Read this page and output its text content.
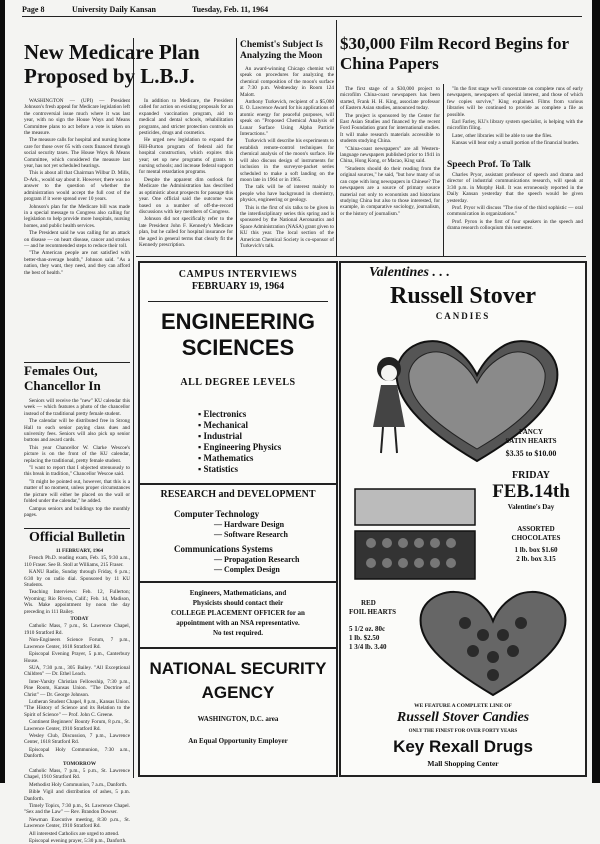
Page 8	University Daily Kansan	Tuesday, Feb. 11, 1964
New Medicare Plan Proposed by L.B.J.

WASHINGTON — (UPI) — President Johnson's fresh appeal for Medicare legislation left the controversial issue much where it was last year, with no sign the House Ways and Means Committee plans to act before a vote is taken on the measure.

The measure calls for hospital and nursing home care for those over 65 with costs financed through social security taxes. The House Ways & Means Committee, which considered the measure last year, has not yet scheduled hearings.

This is about all that Chairman Wilbur D. Mills, D-Ark., would say about it. However, there was no answer to the question of whether the administration would accept the full cost of the program if it were spread over 10 years.

Johnson's plan for the Medicare bill was made in a special message to Congress also calling for legislation to help provide more hospitals, nursing homes, and public health services.

The President said he was calling for an attack on disease — on heart disease, cancer and strokes — and he recommended steps to reduce their toll.

"The American people are not satisfied with better-than-average health," Johnson said. "As a nation, they want, they need, and they can afford the best of health."

In addition to Medicare, the President called for action on existing proposals for an expanded vaccination program, aid to medical and dental schools, rehabilitation programs, and stricter protection controls on pesticides, drugs and cosmetics.

He urged new legislation to expand the Hill-Burton program of federal aid for hospital construction, which expires this year; set up new programs of grants to nursing schools; and increase federal support for mental retardation programs.

Despite the apparent dim outlook for Medicare the Administration has described as optimistic about prospects for passage this year. One official said the outcome was based on a number of off-the-record discussions with key members of Congress.

Johnson did not specifically refer to the late President John F. Kennedy's Medicare plan, but he called for hospital insurance for the aged in general terms that clearly fit the Kennedy prescription.

Females Out, Chancellor In

Seniors will receive the "new" KU calendar this week — which features a photo of the chancellor instead of the traditional pretty female student.

The calendar will be distributed free in Strong Hall to each senior paying class dues and university fees. Seniors will also pick up senior buttons and award cards.

This year Chancellor W. Clarke Wescoe's picture is on the front of the KU calendar, replacing the traditional, pretty female student.

"I want to report that I objected strenuously to this break in tradition," Chancellor Wescoe said.

"It might be pointed out, however, that this is a matter of no moment, unless proper circumstances the picture will either be placed on the wall or folded under the calendar," he added.

Campus seniors and buildings top the monthly pages.

Official Bulletin

11 FEBRUARY, 1964

French Ph.D. reading exam, Feb. 15, 9:30 a.m., 110 Fraser. See B. Stoll at Williams, 215 Fraser.

KANU Radio, Sunday through Friday, 6 p.m.; 6:30 by on radio dial. Sponsored by 11 KU Students.

Teaching Interviews: Feb. 12, Fullerton; Wyoming; Rio Rivera, Calif.; Feb. 14, Madison, Wis. Make appointment by noon the day preceding in 111 Bailey.

TODAY

Catholic Mass, 7 p.m., St. Lawrence Chapel, 1910 Stratford Rd.

Non-Engineers Science Forum, 7 p.m., Lawrence Center, 1618 Stratford Rd.

Episcopal Evening Prayer, 5 p.m., Canterbury House.

SUA, 7:30 p.m., 305 Bailey. "All Exceptional Children" — Dr. Ethel Leach.

Inter-Varsity Christian Fellowship, 7:30 p.m., Pine Room, Kansas Union. "The Doctrine of Christ" — Dr. George Johnson.

Lutheran Student Chapel, 8 p.m., Kansas Union. "The History of Science and its Relation to the Spirit of Science" — Prof. John C. Greene.

Continent Beginners' Bounty Forum, 8 p.m., St. Lawrence Center, 1910 Stratford Rd.

Wesley Club, Discussion, 7 p.m., Lawrence Center, 1618 Stratford Rd.

Episcopal Holy Communion, 7:30 a.m., Danforth.

TOMORROW

Catholic Mass, 7 p.m., 5 p.m., St. Lawrence Chapel, 1910 Stratford Rd.

Methodist Holy Communion, 7 a.m., Danforth.

Bible Vigil and distribution of ashes, 5 p.m. Danforth.

Timely Topics, 7:30 p.m., St. Lawrence Chapel. "Sex and the Law" — Rev. Brandon Dowser.

Newman Executive meeting, 8:30 p.m., St. Lawrence Center, 1910 Stratford Rd.

All interested Catholics are urged to attend.

Episcopal evening prayer, 5:30 p.m., Danforth.

Chemist's Subject Is Analyzing the Moon

An award-winning Chicago chemist will speak on procedures for analyzing the chemical composition of the moon's surface at 7:30 p.m. Wednesday in Room 124 Malott.

Anthony Turkevich, recipient of a $5,000 E. O. Lawrence Award for his applications of atomic energy for peaceful purposes, will speak on "Proposed Chemical Analysis of Lunar Surface Using Alpha Particle Interactions."

Turkevich will describe his experiments to establish remote-control techniques for chemical analysis of the moon's surface. He will also discuss design of instruments for inclusion in the surveyor-packet series scheduled to make a soft landing on the moon late in 1964 or in 1965.

The talk will be of interest mainly to people who have background in chemistry, physics, engineering or geology.

This is the first of six talks to be given in the interdisciplinary series this spring and is sponsored by the National Aeronautics and Space Administration (NASA) grant given to KU this year. The local section of the American Chemical Society is co-sponsor of Turkevich's talk.

$30,000 Film Record Begins for China Papers

The first stage of a $30,000 project to microfilm China-coast newspapers has been started, Frank H. H. King, associate professor of Eastern Asian studies, announced today.

The project is sponsored by the Center for East Asian Studies and financed by the recent Ford Foundation grant for international studies. It will make research materials accessible to students studying China.

"China-coast newspapers" are all Western-language newspapers published prior to 1941 in China, Hong Kong, or Macao, King said.

"Students should do their reading from the original sources," he said, "but how many of us can cope with long newspapers in Chinese? The newspapers are a source of primary source material not only to economists and historians studying China but also to those interested, for example, in comparative sociology, journalism, or the history of journalism."

"In the first stage we'll concentrate on complete runs of early newspapers, newspapers of special interest, and those of which few copies survive," King explained. Films from various libraries will be continued to provide as complete a file as possible.

Earl Farley, KU's library system specialist, is helping with the microfilm filing.

Later, other libraries will be able to use the files.

Kansas will bear only a small portion of the financial burden.

Speech Prof. To Talk

Charles Pryor, assistant professor of speech and drama and director of industrial communications research, will speak at 3:30 p.m. in Murphy Hall. It was erroneously reported in the Daily Kansan yesterday that the speech would be given yesterday.

Prof. Pryor will discuss "The rise of the third sophistic — oral communication in organizations."

Prof. Pyron is the first of four speakers in the speech and drama research colloquium this semester.

CAMPUS INTERVIEWS
FEBRUARY 19, 1964
ENGINEERING
SCIENCES
ALL DEGREE LEVELS
▪ Electronics
▪ Mechanical
▪ Industrial
▪ Engineering Physics
▪ Mathematics
▪ Statistics
RESEARCH and DEVELOPMENT
Computer Technology
— Hardware Design
— Software Research
Communications Systems
— Propagation Research
— Complex Design
Engineers, Mathematicians, and
Physicists should contact their
COLLEGE PLACEMENT OFFICER for an
appointment with an NSA representative.
No test required.
NATIONAL SECURITY
AGENCY
WASHINGTON, D.C. area
An Equal Opportunity Employer
Valentines . . .
Russell Stover
CANDIES
FANCY
SATIN HEARTS
$3.35 to $10.00
FRIDAY
FEB.14th
Valentine's Day
ASSORTED
CHOCOLATES
1 lb. box $1.60
2 lb. box 3.15
RED
FOIL HEARTS
5 1/2 oz. 80c
1 lb. $2.50
1 3/4 lb. 3.40
WE FEATURE A COMPLETE LINE OF
Russell Stover Candies
ONLY THE FINEST FOR OVER FORTY YEARS
Key Rexall Drugs
Mall Shopping Center
